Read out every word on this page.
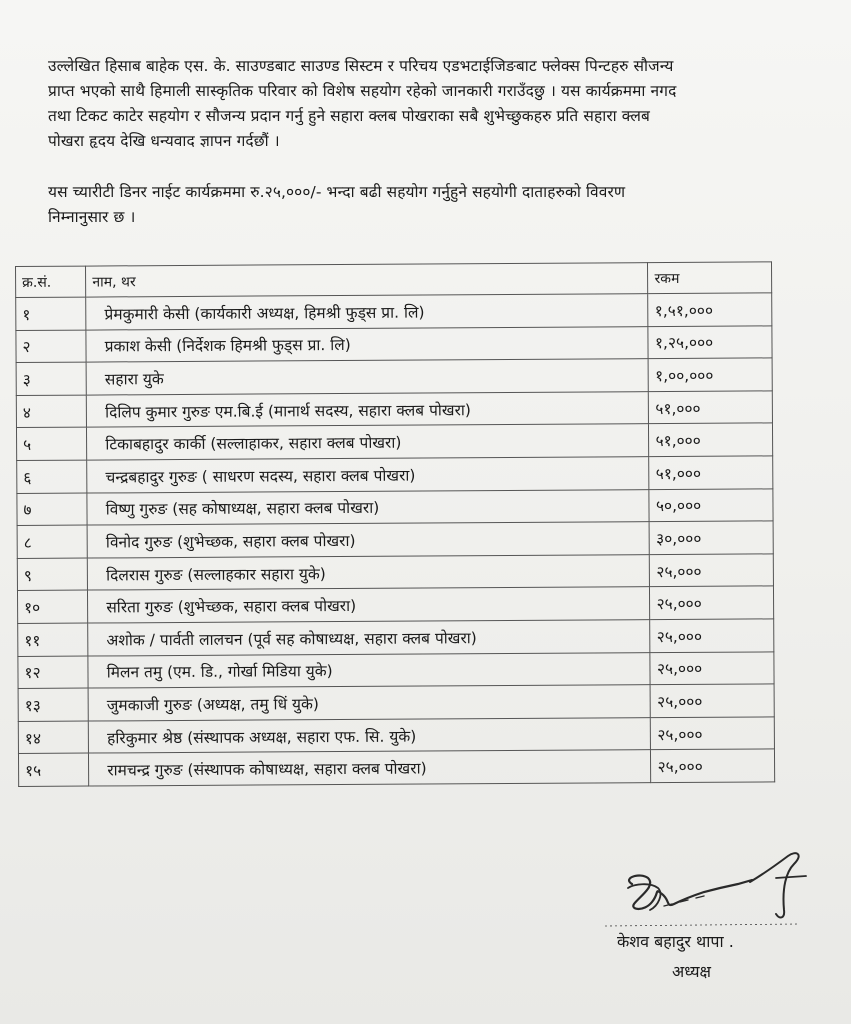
उल्लेखित हिसाब बाहेक एस. के. साउण्डबाट साउण्ड सिस्टम र परिचय एडभटाईजिङबाट फ्लेक्स पिन्टहरु सौजन्य
प्राप्त भएको साथै हिमाली सास्कृतिक परिवार को विशेष सहयोग रहेको जानकारी गराउँदछु । यस कार्यक्रममा नगद
तथा टिकट काटेर सहयोग र सौजन्य प्रदान गर्नु हुने सहारा क्लब पोखराका सबै शुभेच्छुकहरु प्रति सहारा क्लब
पोखरा हृदय देखि धन्यवाद ज्ञापन गर्दछौं ।
यस च्यारीटी डिनर नाईट कार्यक्रममा रु.२५,०००/- भन्दा बढी सहयोग गर्नुहुने सहयोगी दाताहरुको विवरण
निम्नानुसार छ ।
क्र.सं.	नाम, थर	रकम
१	प्रेमकुमारी केसी (कार्यकारी अध्यक्ष, हिमश्री फुड्स प्रा. लि)	१,५१,०००
२	प्रकाश केसी (निर्देशक हिमश्री फुड्स प्रा. लि)	१,२५,०००
३	सहारा युके	१,००,०००
४	दिलिप कुमार गुरुङ एम.बि.ई (मानार्थ सदस्य, सहारा क्लब पोखरा)	५१,०००
५	टिकाबहादुर कार्की (सल्लाहाकर, सहारा क्लब पोखरा)	५१,०००
६	चन्द्रबहादुर गुरुङ ( साधरण सदस्य, सहारा क्लब पोखरा)	५१,०००
७	विष्णु गुरुङ (सह कोषाध्यक्ष, सहारा क्लब पोखरा)	५०,०००
८	विनोद गुरुङ (शुभेच्छक, सहारा क्लब पोखरा)	३०,०००
९	दिलरास गुरुङ (सल्लाहकार सहारा युके)	२५,०००
१०	सरिता गुरुङ (शुभेच्छक, सहारा क्लब पोखरा)	२५,०००
११	अशोक / पार्वती लालचन (पूर्व सह कोषाध्यक्ष, सहारा क्लब पोखरा)	२५,०००
१२	मिलन तमु (एम. डि., गोर्खा मिडिया युके)	२५,०००
१३	जुमकाजी गुरुङ (अध्यक्ष, तमु धिं युके)	२५,०००
१४	हरिकुमार श्रेष्ठ (संस्थापक अध्यक्ष, सहारा एफ. सि. युके)	२५,०००
१५	रामचन्द्र गुरुङ (संस्थापक कोषाध्यक्ष, सहारा क्लब पोखरा)	२५,०००
केशव बहादुर थापा .
अध्यक्ष
